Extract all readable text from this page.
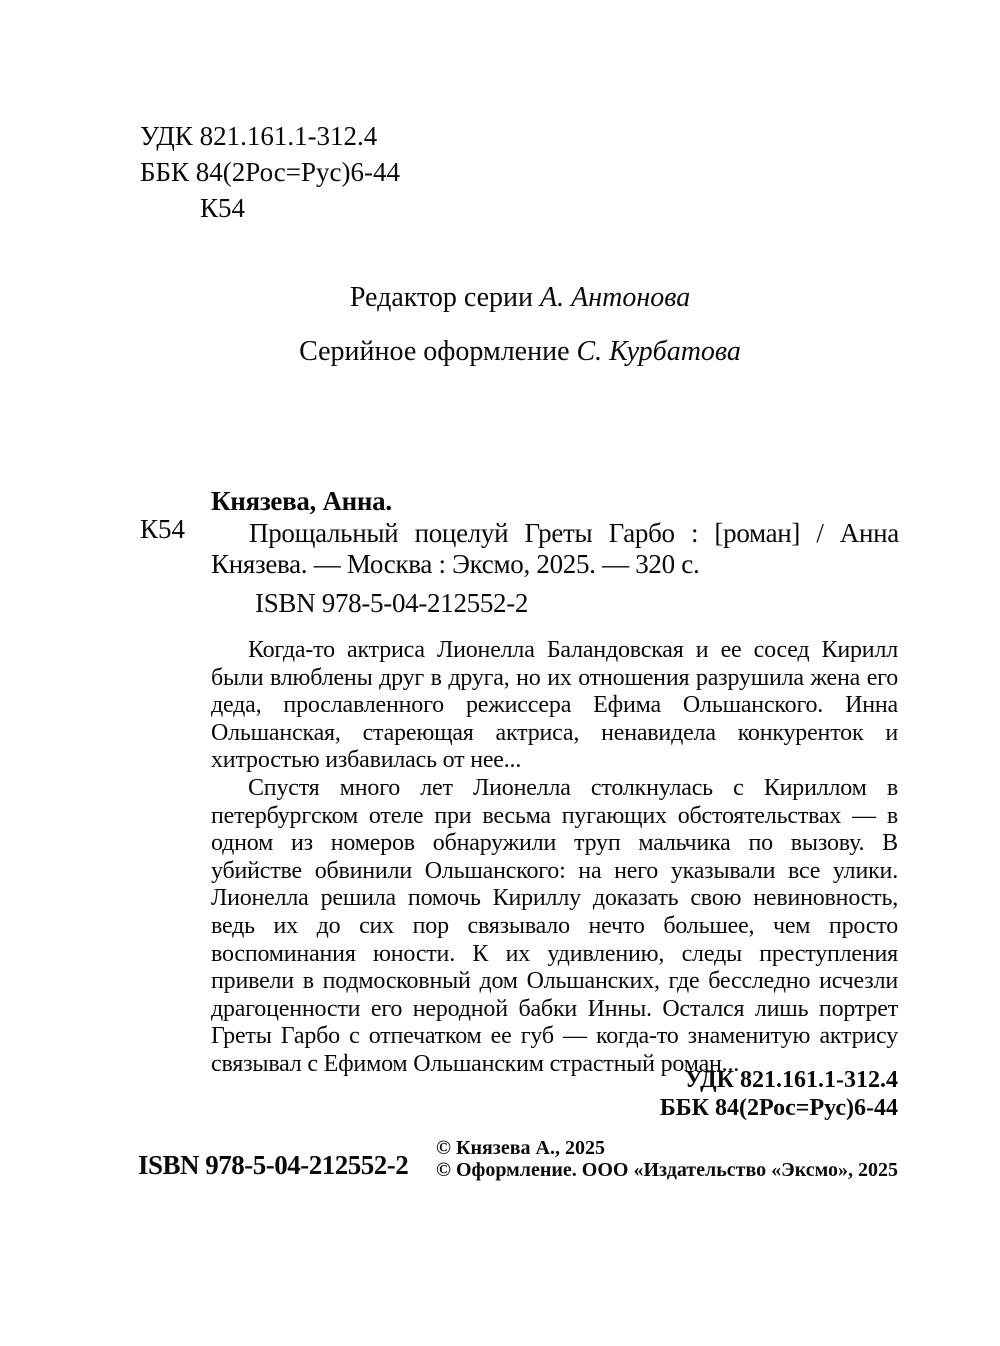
УДК 821.161.1-312.4
ББК 84(2Рос=Рус)6-44
К54
Редактор серии А. Антонова
Серийное оформление С. Курбатова
К54
Князева, Анна.
Прощальный поцелуй Греты Гарбо : [роман] / Анна Князева. — Москва : Эксмо, 2025. — 320 с.
ISBN 978-5-04-212552-2

Когда-то актриса Лионелла Баландовская и ее сосед Кирилл были влюблены друг в друга, но их отношения разрушила жена его деда, прославленного режиссера Ефима Ольшанского. Инна Ольшанская, стареющая актриса, ненавидела конкуренток и хитростью избавилась от нее...

Спустя много лет Лионелла столкнулась с Кириллом в петербургском отеле при весьма пугающих обстоятельствах — в одном из номеров обнаружили труп мальчика по вызову. В убийстве обвинили Ольшанского: на него указывали все улики. Лионелла решила помочь Кириллу доказать свою невиновность, ведь их до сих пор связывало нечто большее, чем просто воспоминания юности. К их удивлению, следы преступления привели в подмосковный дом Ольшанских, где бесследно исчезли драгоценности его неродной бабки Инны. Остался лишь портрет Греты Гарбо с отпечатком ее губ — когда-то знаменитую актрису связывал с Ефимом Ольшанским страстный роман...

УДК 821.161.1-312.4
ББК 84(2Рос=Рус)6-44
ISBN 978-5-04-212552-2
© Князева А., 2025
© Оформление. ООО «Издательство «Эксмо», 2025
